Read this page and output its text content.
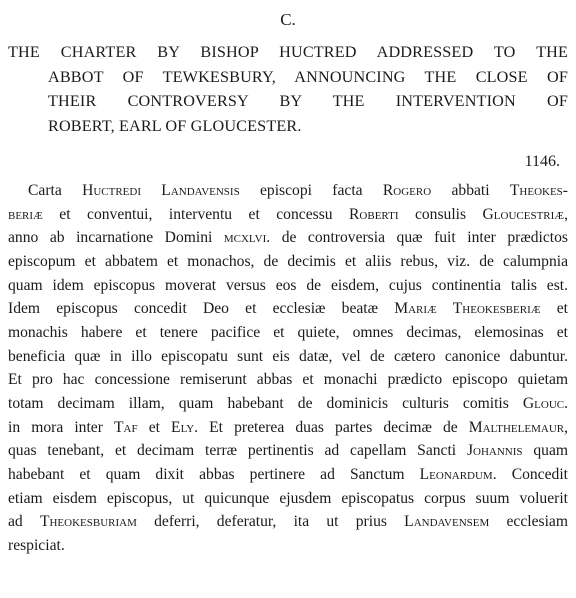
C.
THE CHARTER BY BISHOP HUCTRED ADDRESSED TO THE
ABBOT OF TEWKESBURY, ANNOUNCING THE CLOSE OF
THEIR CONTROVERSY BY THE INTERVENTION OF
ROBERT, EARL OF GLOUCESTER.
1146.
Carta Huctredi Landavensis episcopi facta Rogero abbati Theokes-
beriæ et conventui, interventu et concessu Roberti consulis Gloucestriæ,
anno ab incarnatione Domini mcxlvi. de controversia quæ fuit inter prædictos
episcopum et abbatem et monachos, de decimis et aliis rebus, viz. de calumpnia
quam idem episcopus moverat versus eos de eisdem, cujus continentia talis est.
Idem episcopus concedit Deo et ecclesiæ beatæ Mariæ Theokesberiæ et
monachis habere et tenere pacifice et quiete, omnes decimas, elemosinas et
beneficia quæ in illo episcopatu sunt eis datæ, vel de cætero canonice dabuntur.
Et pro hac concessione remiserunt abbas et monachi prædicto episcopo quietam
totam decimam illam, quam habebant de dominicis culturis comitis Glouc.
in mora inter Taf et Ely. Et preterea duas partes decimæ de Malthelemaur,
quas tenebant, et decimam terræ pertinentis ad capellam Sancti Johannis quam
habebant et quam dixit abbas pertinere ad Sanctum Leonardum. Concedit
etiam eisdem episcopus, ut quicunque ejusdem episcopatus corpus suum voluerit
ad Theokesburiam deferri, deferatur, ita ut prius Landavensem ecclesiam
respiciat.
